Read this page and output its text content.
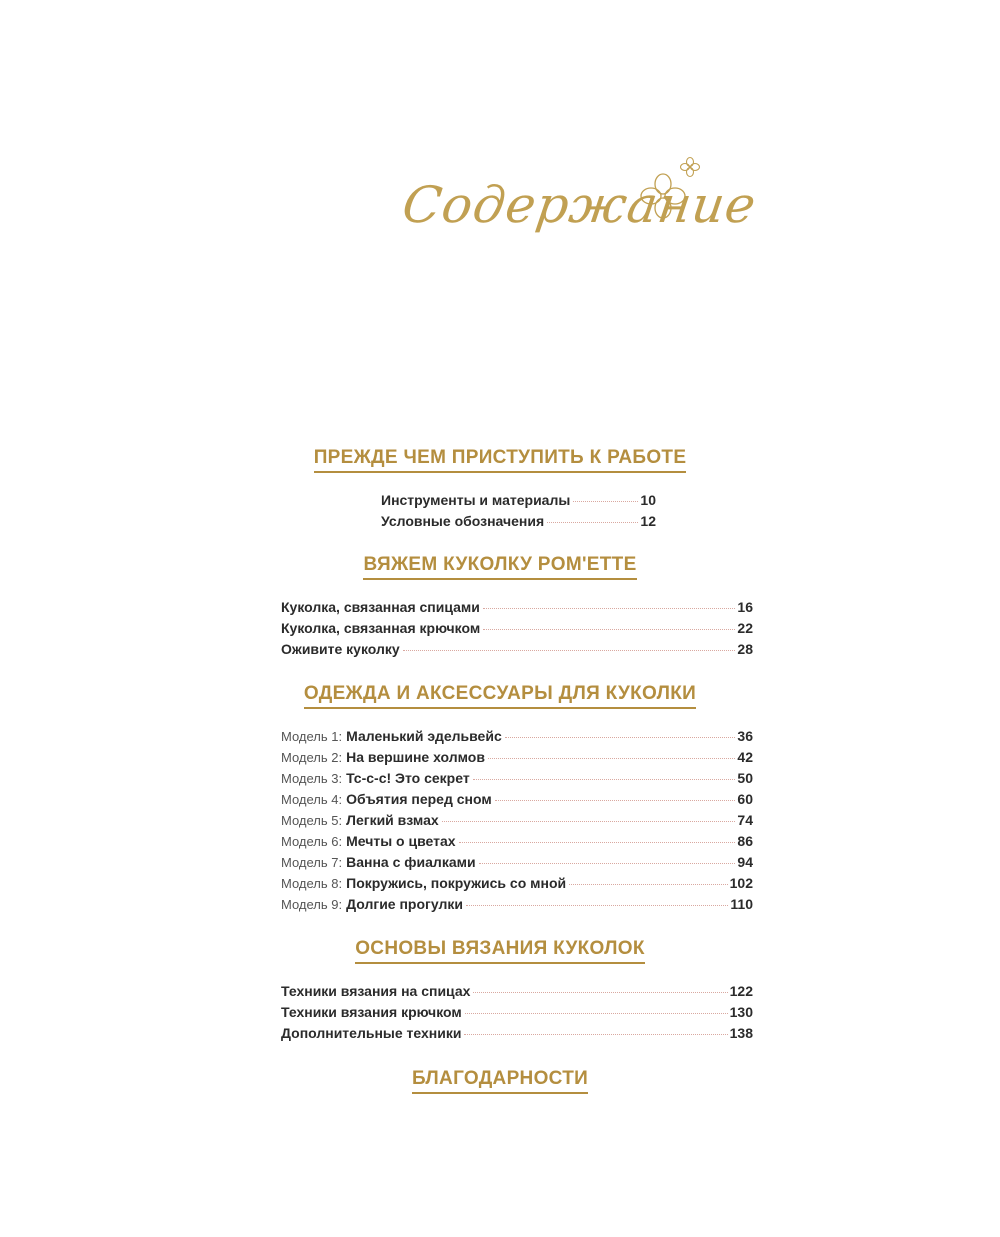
Содержание
ПРЕЖДЕ ЧЕМ ПРИСТУПИТЬ К РАБОТЕ
Инструменты и материалы	10
Условные обозначения	12
ВЯЖЕМ КУКОЛКУ POM'ETTE
Куколка, связанная спицами	16
Куколка, связанная крючком	22
Оживите куколку	28
ОДЕЖДА И АКСЕССУАРЫ ДЛЯ КУКОЛКИ
Модель 1: Маленький эдельвейс	36
Модель 2: На вершине холмов	42
Модель 3: Тс-с-с! Это секрет	50
Модель 4: Объятия перед сном	60
Модель 5: Легкий взмах	74
Модель 6: Мечты о цветах	86
Модель 7: Ванна с фиалками	94
Модель 8: Покружись, покружись со мной	102
Модель 9: Долгие прогулки	110
ОСНОВЫ ВЯЗАНИЯ КУКОЛОК
Техники вязания на спицах	122
Техники вязания крючком	130
Дополнительные техники	138
БЛАГОДАРНОСТИ
